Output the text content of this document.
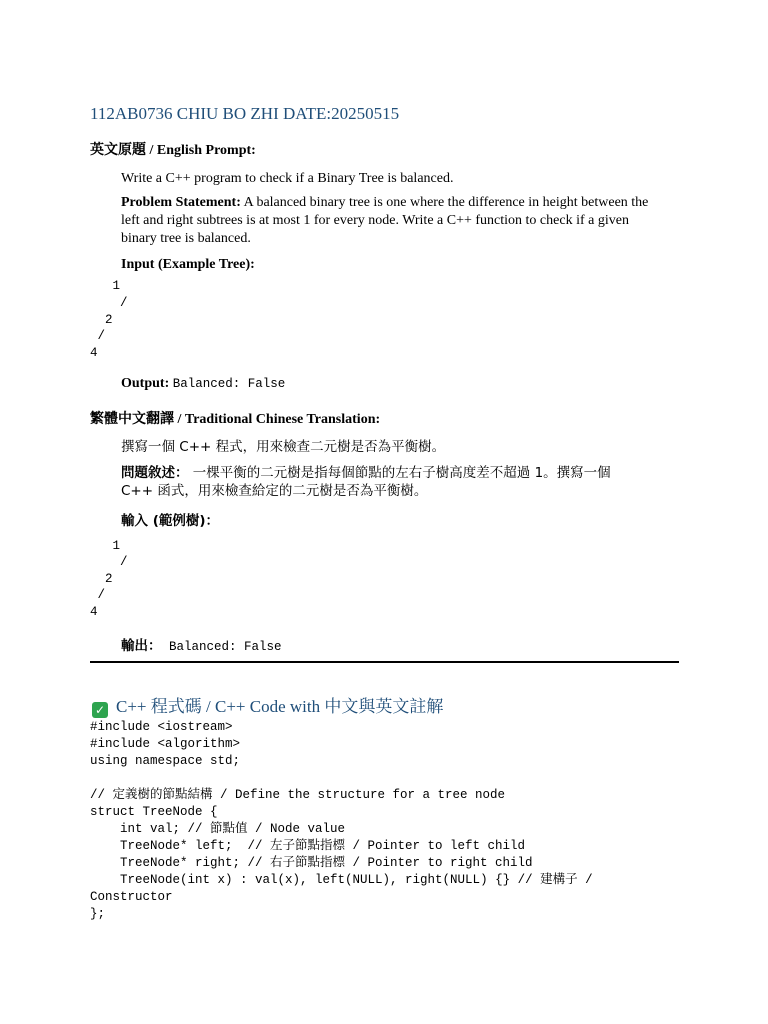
112AB0736 CHIU BO ZHI DATE:20250515
英文原題 / English Prompt:
Write a C++ program to check if a Binary Tree is balanced.
Problem Statement: A balanced binary tree is one where the difference in height between the left and right subtrees is at most 1 for every node. Write a C++ function to check if a given binary tree is balanced.
Input (Example Tree):
1
/
2
/
4
Output: Balanced: False
繁體中文翻譯 / Traditional Chinese Translation:
撰寫一個 C++ 程式，用來檢查二元樹是否為平衡樹。
問題敘述： 一棵平衡的二元樹是指每個節點的左右子樹高度差不超過 1。撰寫一個 C++ 函式，用來檢查給定的二元樹是否為平衡樹。
輸入 (範例樹)：
1
/
2
/
4
輸出： Balanced: False
✓ C++ 程式碼 / C++ Code with 中文與英文註解
#include <iostream>
#include <algorithm>
using namespace std;
// 定義樹的節點結構 / Define the structure for a tree node
struct TreeNode {
int val; // 節點值 / Node value
TreeNode* left;  // 左子節點指標 / Pointer to left child
TreeNode* right; // 右子節點指標 / Pointer to right child
TreeNode(int x) : val(x), left(NULL), right(NULL) {} // 建構子 /
Constructor
};
